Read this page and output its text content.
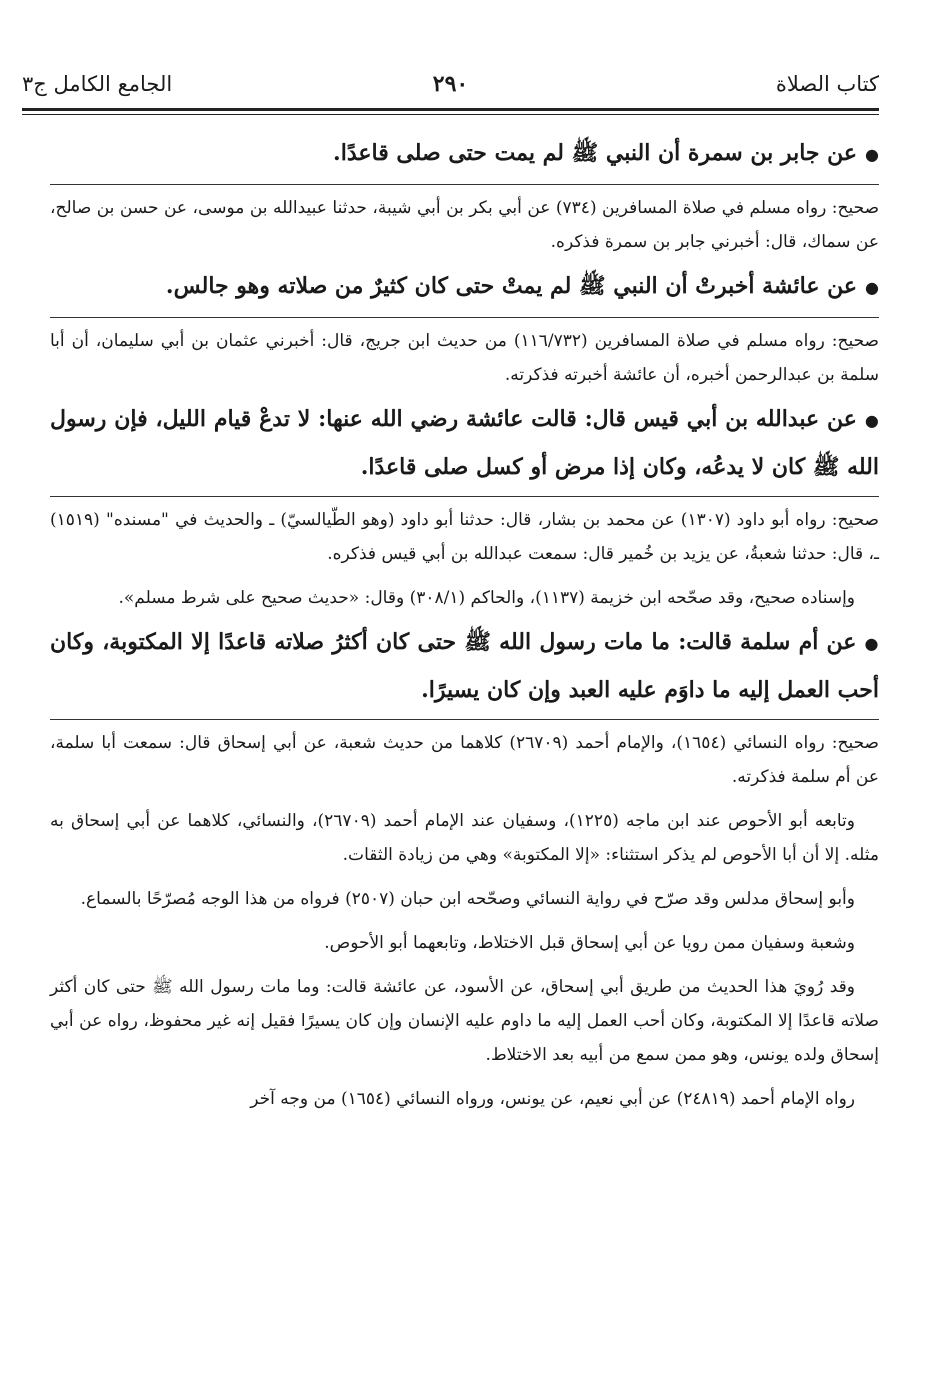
كتاب الصلاة
٢٩٠
الجامع الكامل ج٣

●عن جابر بن سمرة أن النبي ﷺ لم يمت حتى صلى قاعدًا.

صحيح: رواه مسلم في صلاة المسافرين (٧٣٤) عن أبي بكر بن أبي شيبة، حدثنا عبيدالله بن موسى، عن حسن بن صالح، عن سماك، قال: أخبرني جابر بن سمرة فذكره.

●عن عائشة أخبرتْ أن النبي ﷺ لم يمتْ حتى كان كثيرٌ من صلاته وهو جالس.

صحيح: رواه مسلم في صلاة المسافرين (١١٦/٧٣٢) من حديث ابن جريج، قال: أخبرني عثمان بن أبي سليمان، أن أبا سلمة بن عبدالرحمن أخبره، أن عائشة أخبرته فذكرته.

●عن عبدالله بن أبي قيس قال: قالت عائشة رضي الله عنها: لا تدعْ قيام الليل، فإن رسول الله ﷺ كان لا يدعُه، وكان إذا مرض أو كسل صلى قاعدًا.

صحيح: رواه أبو داود (١٣٠٧) عن محمد بن بشار، قال: حدثنا أبو داود (وهو الطّيالسيّ) ـ والحديث في "مسنده" (١٥١٩) ـ، قال: حدثنا شعبةُ، عن يزيد بن خُمير قال: سمعت عبدالله بن أبي قيس فذكره.

وإسناده صحيح، وقد صحّحه ابن خزيمة (١١٣٧)، والحاكم (٣٠٨/١) وقال: «حديث صحيح على شرط مسلم».

●عن أم سلمة قالت: ما مات رسول الله ﷺ حتى كان أكثرُ صلاته قاعدًا إلا المكتوبة، وكان أحب العمل إليه ما داوَم عليه العبد وإن كان يسيرًا.

صحيح: رواه النسائي (١٦٥٤)، والإمام أحمد (٢٦٧٠٩) كلاهما من حديث شعبة، عن أبي إسحاق قال: سمعت أبا سلمة، عن أم سلمة فذكرته.

وتابعه أبو الأحوص عند ابن ماجه (١٢٢٥)، وسفيان عند الإمام أحمد (٢٦٧٠٩)، والنسائي، كلاهما عن أبي إسحاق به مثله. إلا أن أبا الأحوص لم يذكر استثناء: «إلا المكتوبة» وهي من زيادة الثقات.

وأبو إسحاق مدلس وقد صرّح في رواية النسائي وصحّحه ابن حبان (٢٥٠٧) فرواه من هذا الوجه مُصرّحًا بالسماع.

وشعبة وسفيان ممن رويا عن أبي إسحاق قبل الاختلاط، وتابعهما أبو الأحوص.

وقد رُويَ هذا الحديث من طريق أبي إسحاق، عن الأسود، عن عائشة قالت: وما مات رسول الله ﷺ حتى كان أكثر صلاته قاعدًا إلا المكتوبة، وكان أحب العمل إليه ما داوم عليه الإنسان وإن كان يسيرًا فقيل إنه غير محفوظ، رواه عن أبي إسحاق ولده يونس، وهو ممن سمع من أبيه بعد الاختلاط.

رواه الإمام أحمد (٢٤٨١٩) عن أبي نعيم، عن يونس، ورواه النسائي (١٦٥٤) من وجه آخر
